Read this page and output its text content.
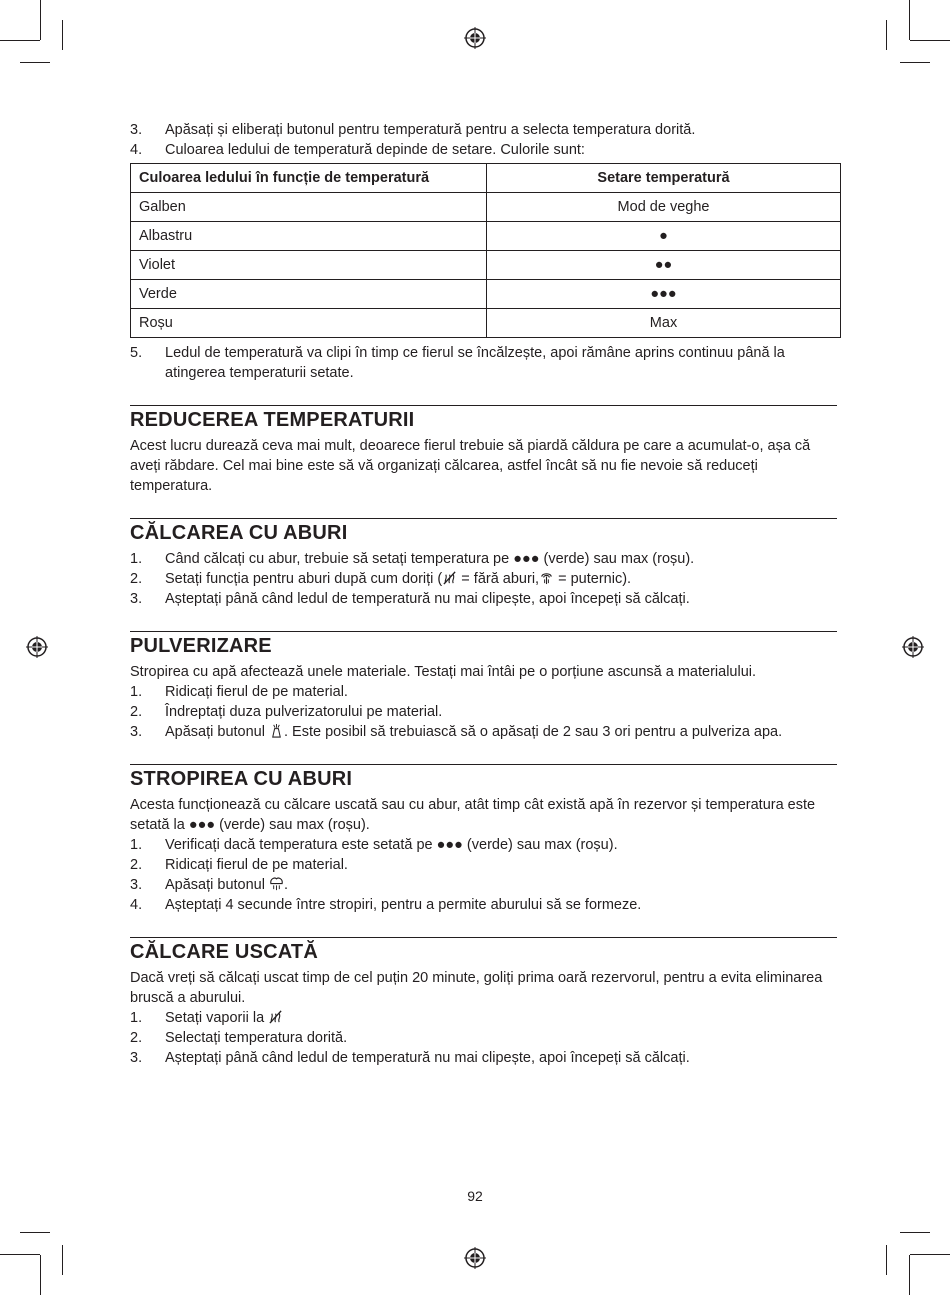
3. Apăsați și eliberați butonul pentru temperatură pentru a selecta temperatura dorită.
4. Culoarea ledului de temperatură depinde de setare. Culorile sunt:
Culoarea ledului în funcție de temperatură	Setare temperatură
Galben	Mod de veghe
Albastru	●
Violet	●●
Verde	●●●
Roșu	Max
5. Ledul de temperatură va clipi în timp ce fierul se încălzește, apoi rămâne aprins continuu până la atingerea temperaturii setate.
REDUCEREA TEMPERATURII

Acest lucru durează ceva mai mult, deoarece fierul trebuie să piardă căldura pe care a acumulat-o, așa că aveți răbdare. Cel mai bine este să vă organizați călcarea, astfel încât să nu fie nevoie să reduceți temperatura.

CĂLCAREA CU ABURI
1. Când călcați cu abur, trebuie să setați temperatura pe ●●● (verde) sau max (roșu).
2. Setați funcția pentru aburi după cum doriți ( = fără aburi, = puternic).
3. Așteptați până când ledul de temperatură nu mai clipește, apoi începeți să călcați.
PULVERIZARE

Stropirea cu apă afectează unele materiale. Testați mai întâi pe o porțiune ascunsă a materialului.

1. Ridicați fierul de pe material.
2. Îndreptați duza pulverizatorului pe material.
3. Apăsați butonul . Este posibil să trebuiască să o apăsați de 2 sau 3 ori pentru a pulveriza apa.
STROPIREA CU ABURI

Acesta funcționează cu călcare uscată sau cu abur, atât timp cât există apă în rezervor și temperatura este setată la ●●● (verde) sau max (roșu).

1. Verificați dacă temperatura este setată pe ●●● (verde) sau max (roșu).
2. Ridicați fierul de pe material.
3. Apăsați butonul .
4. Așteptați 4 secunde între stropiri, pentru a permite aburului să se formeze.
CĂLCARE USCATĂ

Dacă vreți să călcați uscat timp de cel puțin 20 minute, goliți prima oară rezervorul, pentru a evita eliminarea bruscă a aburului.

1. Setați vaporii la
2. Selectați temperatura dorită.
3. Așteptați până când ledul de temperatură nu mai clipește, apoi începeți să călcați.
92
